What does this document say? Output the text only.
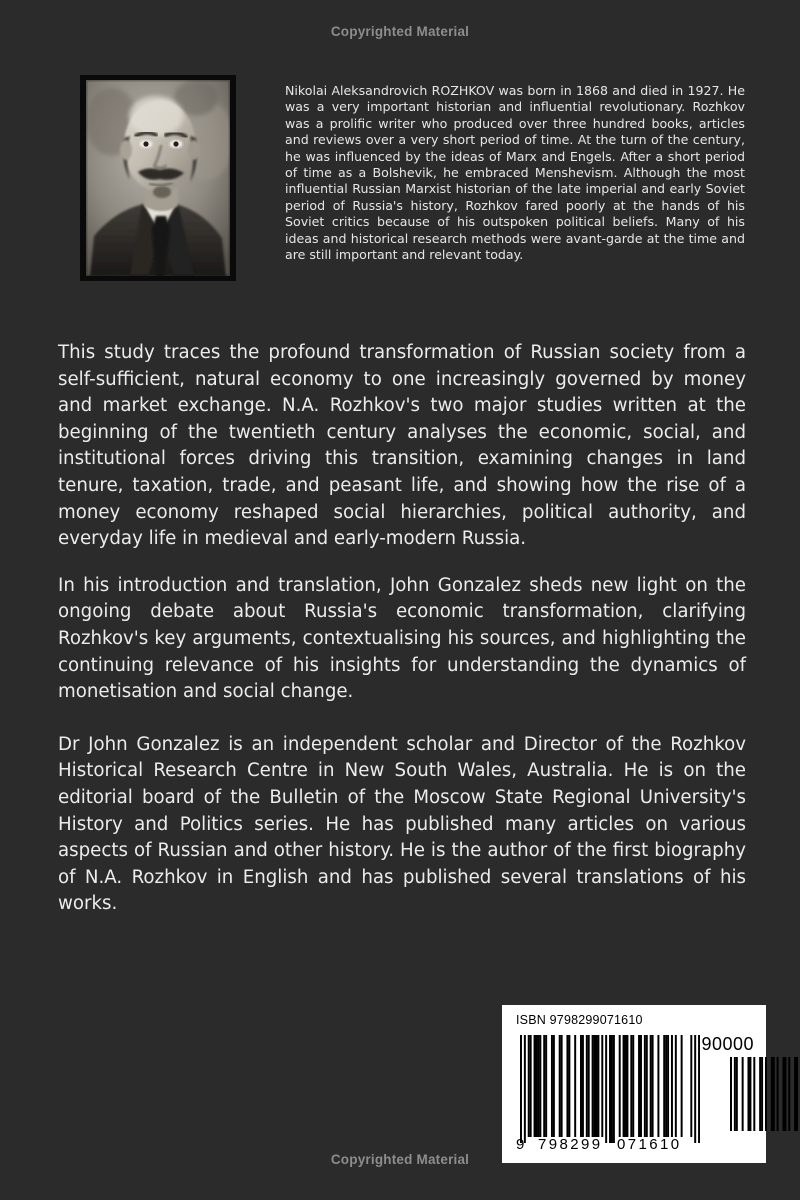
Copyrighted Material
Nikolai Aleksandrovich ROZHKOV was born in 1868 and died in 1927. He was a very important historian and influential revolutionary. Rozhkov was a prolific writer who produced over three hundred books, articles and reviews over a very short period of time. At the turn of the century, he was influenced by the ideas of Marx and Engels. After a short period of time as a Bolshevik, he embraced Menshevism. Although the most influential Russian Marxist historian of the late imperial and early Soviet period of Russia's history, Rozhkov fared poorly at the hands of his Soviet critics because of his outspoken political beliefs. Many of his ideas and historical research methods were avant-garde at the time and are still important and relevant today.

This study traces the profound transformation of Russian society from a self-sufficient, natural economy to one increasingly governed by money and market exchange. N.A. Rozhkov's two major studies written at the beginning of the twentieth century analyses the economic, social, and institutional forces driving this transition, examining changes in land tenure, taxation, trade, and peasant life, and showing how the rise of a money economy reshaped social hierarchies, political authority, and everyday life in medieval and early-modern Russia.

In his introduction and translation, John Gonzalez sheds new light on the ongoing debate about Russia's economic transformation, clarifying Rozhkov's key arguments, contextualising his sources, and highlighting the continuing relevance of his insights for understanding the dynamics of monetisation and social change.

Dr John Gonzalez is an independent scholar and Director of the Rozhkov Historical Research Centre in New South Wales, Australia. He is on the editorial board of the Bulletin of the Moscow State Regional University's History and Politics series. He has published many articles on various aspects of Russian and other history. He is the author of the first biography of N.A. Rozhkov in English and has published several translations of his works.

ISBN 9798299071610
90000
9 798299 071610
Copyrighted Material
